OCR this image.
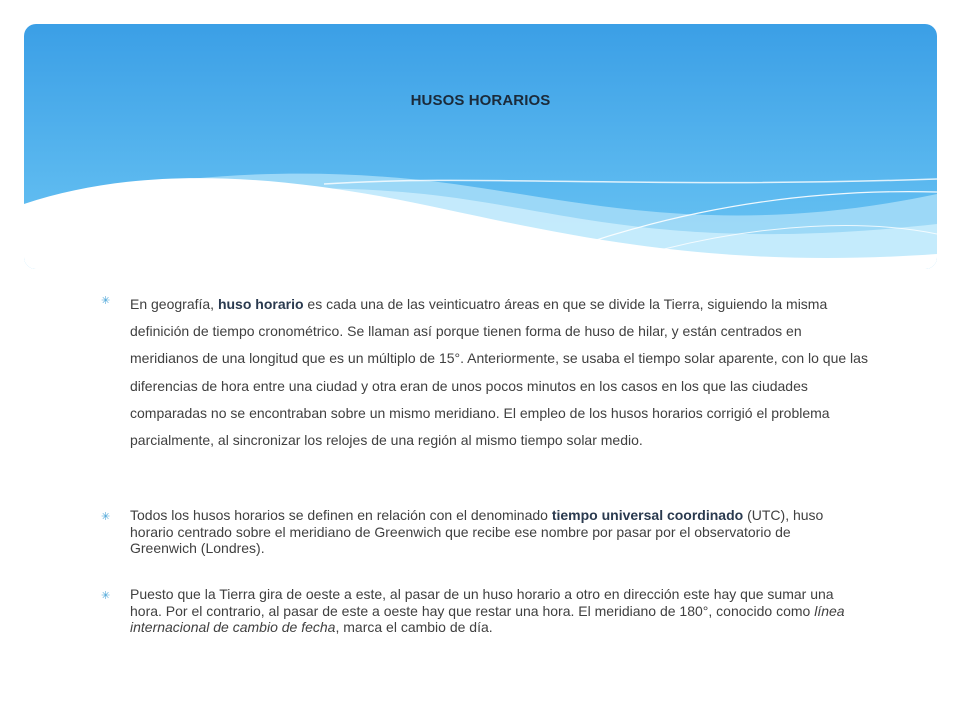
HUSOS HORARIOS
✳ En geografía, huso horario es cada una de las veinticuatro áreas en que se divide la Tierra, siguiendo la misma definición de tiempo cronométrico. Se llaman así porque tienen forma de huso de hilar, y están centrados en meridianos de una longitud que es un múltiplo de 15°. Anteriormente, se usaba el tiempo solar aparente, con lo que las diferencias de hora entre una ciudad y otra eran de unos pocos minutos en los casos en los que las ciudades comparadas no se encontraban sobre un mismo meridiano. El empleo de los husos horarios corrigió el problema parcialmente, al sincronizar los relojes de una región al mismo tiempo solar medio.

✳ Todos los husos horarios se definen en relación con el denominado tiempo universal coordinado (UTC), huso horario centrado sobre el meridiano de Greenwich que recibe ese nombre por pasar por el observatorio de Greenwich (Londres).

✳ Puesto que la Tierra gira de oeste a este, al pasar de un huso horario a otro en dirección este hay que sumar una hora. Por el contrario, al pasar de este a oeste hay que restar una hora. El meridiano de 180°, conocido como línea internacional de cambio de fecha, marca el cambio de día.
